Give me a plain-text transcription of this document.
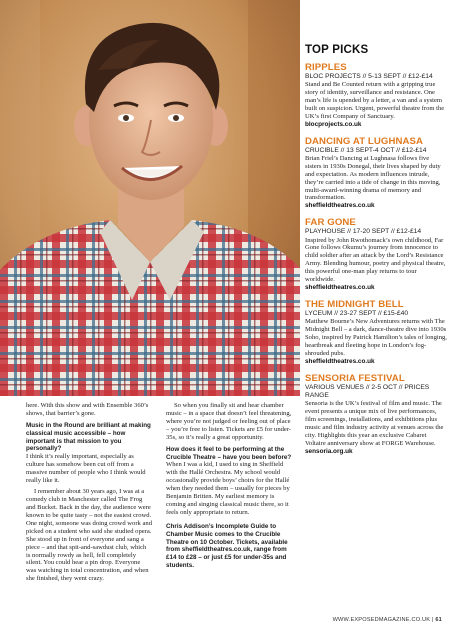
TOP PICKS
RIPPLES

BLOC PROJECTS // 5-13 SEPT // £12-£14

Stand and Be Counted return with a gripping true story of identity, surveillance and resistance. One man’s life is upended by a letter, a van and a system built on suspicion. Urgent, powerful theatre from the UK’s first Company of Sanctuary.

blocprojects.co.uk

DANCING AT LUGHNASA

CRUCIBLE // 13 SEPT-4 OCT // £12-£14

Brian Friel’s Dancing at Lughnasa follows five sisters in 1930s Donegal, their lives shaped by duty and expectation. As modern influences intrude, they’re carried into a tide of change in this moving, multi-award-winning drama of memory and transformation.

sheffieldtheatres.co.uk

FAR GONE

PLAYHOUSE // 17-20 SEPT // £12-£14

Inspired by John Rwothomack’s own childhood, Far Gone follows Okumu’s journey from innocence to child soldier after an attack by the Lord’s Resistance Army. Blending humour, poetry and physical theatre, this powerful one-man play returns to tour worldwide.

sheffieldtheatres.co.uk

THE MIDNIGHT BELL

LYCEUM // 23-27 SEPT // £15-£40

Matthew Bourne’s New Adventures returns with The Midnight Bell – a dark, dance-theatre dive into 1930s Soho, inspired by Patrick Hamilton’s tales of longing, heartbreak and fleeting hope in London’s fog-shrouded pubs.

sheffieldtheatres.co.uk

SENSORIA FESTIVAL

VARIOUS VENUES // 2-5 OCT // PRICES RANGE

Sensoria is the UK’s festival of film and music. The event presents a unique mix of live performances, film screenings, installations, and exhibitions plus music and film industry activity at venues across the city. Highlights this year an exclusive Cabaret Voltaire anniversary show at FORGE Warehouse.

sensoria.org.uk

here. With this show and with Ensemble 360’s shows, that barrier’s gone.

Music in the Round are brilliant at making classical music accessible – how important is that mission to you personally?

I think it’s really important, especially as culture has somehow been cut off from a massive number of people who I think would really like it.

I remember about 30 years ago, I was at a comedy club in Manchester called The Frog and Bucket. Back in the day, the audience were known to be quite tasty – not the easiest crowd. One night, someone was doing crowd work and picked on a student who said she studied opera. She stood up in front of everyone and sang a piece – and that spit-and-sawdust club, which is normally rowdy as hell, fell completely silent. You could hear a pin drop. Everyone was watching in total concentration, and when she finished, they went crazy.

So when you finally sit and hear chamber music – in a space that doesn’t feel threatening, where you’re not judged or feeling out of place – you’re free to listen. Tickets are £5 for under-35s, so it’s really a great opportunity.

How does it feel to be performing at the Crucible Theatre – have you been before?

When I was a kid, I used to sing in Sheffield with the Hallé Orchestra. My school would occasionally provide boys’ choirs for the Hallé when they needed them – usually for pieces by Benjamin Britten. My earliest memory is coming and singing classical music there, so it feels only appropriate to return.

Chris Addison’s Incomplete Guide to Chamber Music comes to the Crucible Theatre on 10 October. Tickets, available from sheffieldtheatres.co.uk, range from £14 to £28 – or just £5 for under-35s and students.

WWW.EXPOSEDMAGAZINE.CO.UK | 61
